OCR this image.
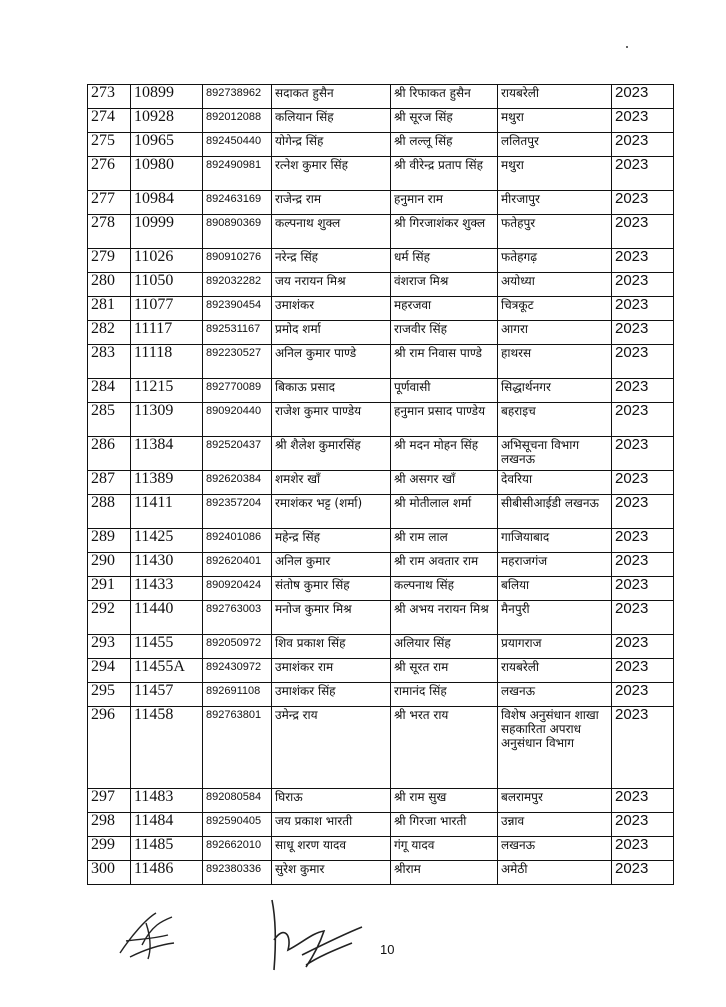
273	10899	892738962	सदाकत हुसैन	श्री रिफाकत हुसैन	रायबरेली	2023
274	10928	892012088	कलियान सिंह	श्री सूरज सिंह	मथुरा	2023
275	10965	892450440	योगेन्द्र सिंह	श्री लल्लू सिंह	ललितपुर	2023
276	10980	892490981	रत्नेश कुमार सिंह	श्री वीरेन्द्र प्रताप सिंह	मथुरा	2023
277	10984	892463169	राजेन्द्र राम	हनुमान राम	मीरजापुर	2023
278	10999	890890369	कल्पनाथ शुक्ल	श्री गिरजाशंकर शुक्ल	फतेहपुर	2023
279	11026	890910276	नरेन्द्र सिंह	धर्म सिंह	फतेहगढ़	2023
280	11050	892032282	जय नरायन मिश्र	वंशराज मिश्र	अयोध्या	2023
281	11077	892390454	उमाशंकर	महरजवा	चित्रकूट	2023
282	11117	892531167	प्रमोद शर्मा	राजवीर सिंह	आगरा	2023
283	11118	892230527	अनिल कुमार पाण्डे	श्री राम निवास पाण्डे	हाथरस	2023
284	11215	892770089	बिकाऊ प्रसाद	पूर्णवासी	सिद्धार्थनगर	2023
285	11309	890920440	राजेश कुमार पाण्डेय	हनुमान प्रसाद पाण्डेय	बहराइच	2023
286	11384	892520437	श्री शैलेश कुमारसिंह	श्री मदन मोहन सिंह	अभिसूचना विभाग लखनऊ	2023
287	11389	892620384	शमशेर खाँ	श्री असगर खाँ	देवरिया	2023
288	11411	892357204	रमाशंकर भट्ट (शर्मा)	श्री मोतीलाल शर्मा	सीबीसीआईडी लखनऊ	2023
289	11425	892401086	महेन्द्र सिंह	श्री राम लाल	गाजियाबाद	2023
290	11430	892620401	अनिल कुमार	श्री राम अवतार राम	महराजगंज	2023
291	11433	890920424	संतोष कुमार सिंह	कल्पनाथ सिंह	बलिया	2023
292	11440	892763003	मनोज कुमार मिश्र	श्री अभय नरायन मिश्र	मैनपुरी	2023
293	11455	892050972	शिव प्रकाश सिंह	अलियार सिंह	प्रयागराज	2023
294	11455A	892430972	उमाशंकर राम	श्री सूरत राम	रायबरेली	2023
295	11457	892691108	उमाशंकर सिंह	रामानंद सिंह	लखनऊ	2023
296	11458	892763801	उमेन्द्र राय	श्री भरत राय	विशेष अनुसंधान शाखा सहकारिता अपराध अनुसंधान विभाग	2023
297	11483	892080584	घिराऊ	श्री राम सुख	बलरामपुर	2023
298	11484	892590405	जय प्रकाश भारती	श्री गिरजा भारती	उन्नाव	2023
299	11485	892662010	साधू शरण यादव	गंगू यादव	लखनऊ	2023
300	11486	892380336	सुरेश कुमार	श्रीराम	अमेठी	2023
10
